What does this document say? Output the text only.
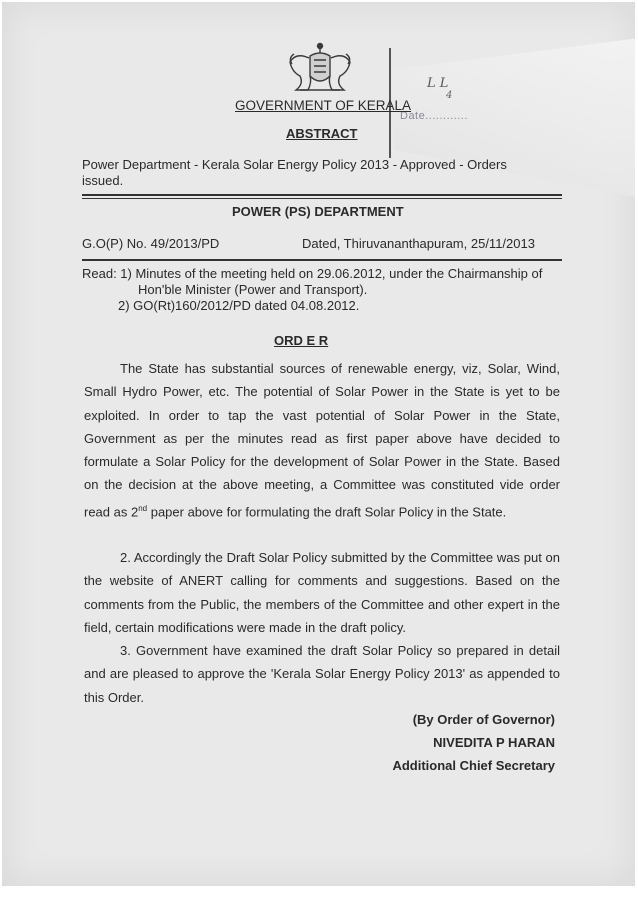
L L
4
Date............
GOVERNMENT OF KERALA
ABSTRACT
Power Department - Kerala Solar Energy Policy 2013 - Approved - Orders
issued.
POWER (PS) DEPARTMENT
G.O(P) No. 49/2013/PD	Dated, Thiruvananthapuram, 25/11/2013
Read: 1) Minutes of the meeting held on 29.06.2012, under the Chairmanship of
Hon'ble Minister (Power and Transport).
2) GO(Rt)160/2012/PD dated 04.08.2012.
ORD E R
The State has substantial sources of renewable energy, viz, Solar, Wind, Small Hydro Power, etc. The potential of Solar Power in the State is yet to be exploited. In order to tap the vast potential of Solar Power in the State, Government as per the minutes read as first paper above have decided to formulate a Solar Policy for the development of Solar Power in the State. Based on the decision at the above meeting, a Committee was constituted vide order read as 2nd paper above for formulating the draft Solar Policy in the State.
2. Accordingly the Draft Solar Policy submitted by the Committee was put on the website of ANERT calling for comments and suggestions. Based on the comments from the Public, the members of the Committee and other expert in the field, certain modifications were made in the draft policy.
3. Government have examined the draft Solar Policy so prepared in detail and are pleased to approve the 'Kerala Solar Energy Policy 2013' as appended to this Order.
(By Order of Governor)
NIVEDITA P HARAN
Additional Chief Secretary
